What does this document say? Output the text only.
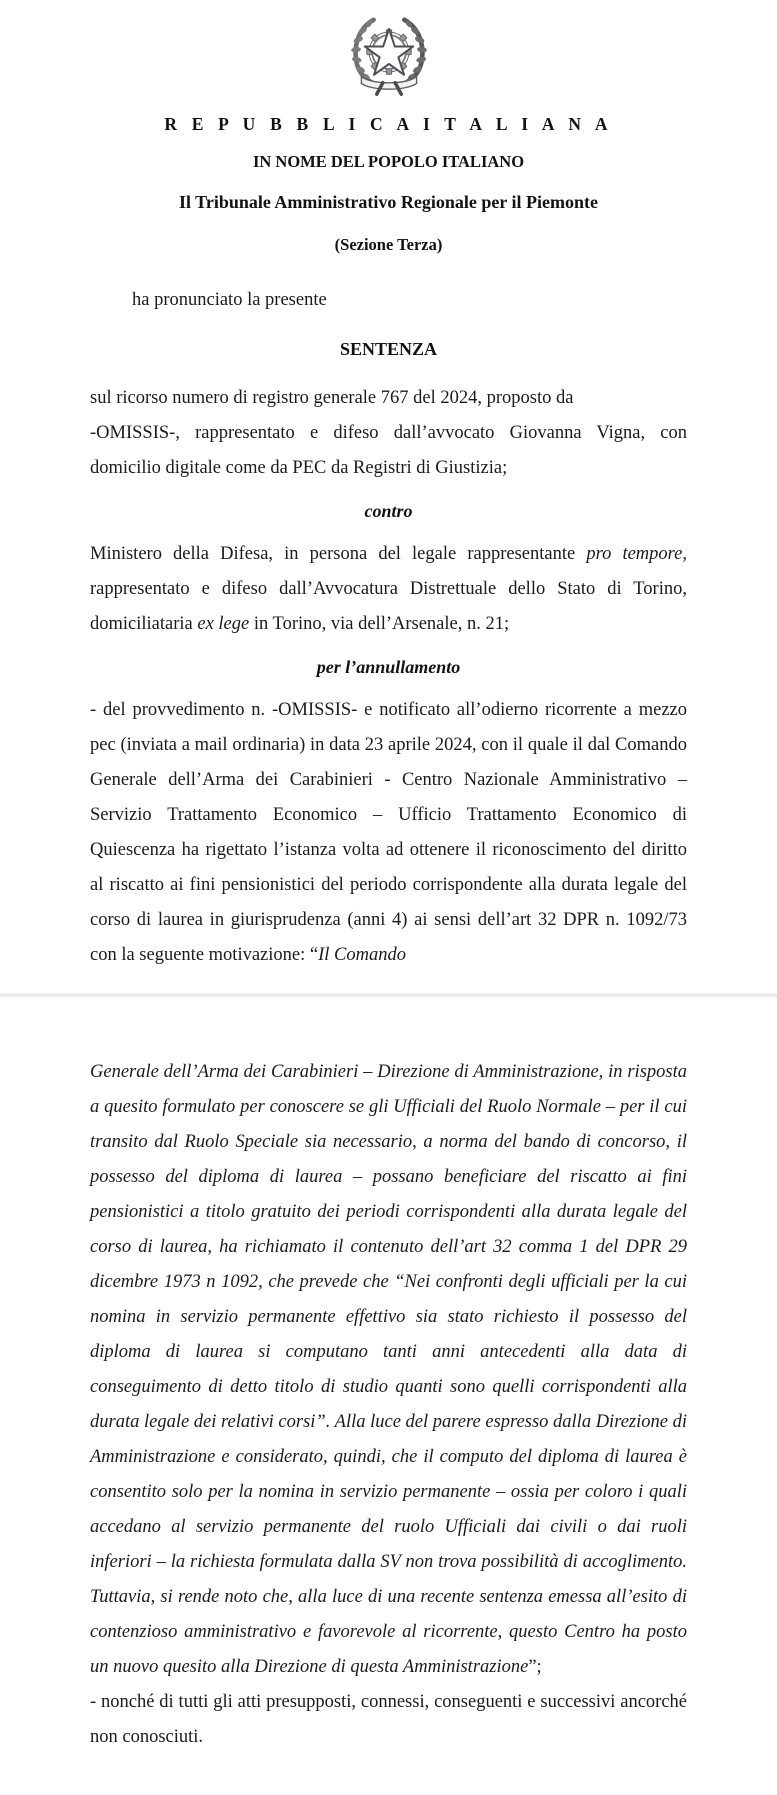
R E P U B B L I C A I T A L I A N A
IN NOME DEL POPOLO ITALIANO
Il Tribunale Amministrativo Regionale per il Piemonte
(Sezione Terza)

ha pronunciato la presente

SENTENZA

sul ricorso numero di registro generale 767 del 2024, proposto da

-OMISSIS-, rappresentato e difeso dall’avvocato Giovanna Vigna, con domicilio digitale come da PEC da Registri di Giustizia;

contro

Ministero della Difesa, in persona del legale rappresentante pro tempore, rappresentato e difeso dall’Avvocatura Distrettuale dello Stato di Torino, domiciliataria ex lege in Torino, via dell’Arsenale, n. 21;

per l’annullamento

- del provvedimento n. -OMISSIS- e notificato all’odierno ricorrente a mezzo pec (inviata a mail ordinaria) in data 23 aprile 2024, con il quale il dal Comando Generale dell’Arma dei Carabinieri - Centro Nazionale Amministrativo – Servizio Trattamento Economico – Ufficio Trattamento Economico di Quiescenza ha rigettato l’istanza volta ad ottenere il riconoscimento del diritto al riscatto ai fini pensionistici del periodo corrispondente alla durata legale del corso di laurea in giurisprudenza (anni 4) ai sensi dell’art 32 DPR n. 1092/73 con la seguente motivazione: “Il Comando

Generale dell’Arma dei Carabinieri – Direzione di Amministrazione, in risposta a quesito formulato per conoscere se gli Ufficiali del Ruolo Normale – per il cui transito dal Ruolo Speciale sia necessario, a norma del bando di concorso, il possesso del diploma di laurea – possano beneficiare del riscatto ai fini pensionistici a titolo gratuito dei periodi corrispondenti alla durata legale del corso di laurea, ha richiamato il contenuto dell’art 32 comma 1 del DPR 29 dicembre 1973 n 1092, che prevede che “Nei confronti degli ufficiali per la cui nomina in servizio permanente effettivo sia stato richiesto il possesso del diploma di laurea si computano tanti anni antecedenti alla data di conseguimento di detto titolo di studio quanti sono quelli corrispondenti alla durata legale dei relativi corsi”. Alla luce del parere espresso dalla Direzione di Amministrazione e considerato, quindi, che il computo del diploma di laurea è consentito solo per la nomina in servizio permanente – ossia per coloro i quali accedano al servizio permanente del ruolo Ufficiali dai civili o dai ruoli inferiori – la richiesta formulata dalla SV non trova possibilità di accoglimento. Tuttavia, si rende noto che, alla luce di una recente sentenza emessa all’esito di contenzioso amministrativo e favorevole al ricorrente, questo Centro ha posto un nuovo quesito alla Direzione di questa Amministrazione”;

- nonché di tutti gli atti presupposti, connessi, conseguenti e successivi ancorché non conosciuti.
